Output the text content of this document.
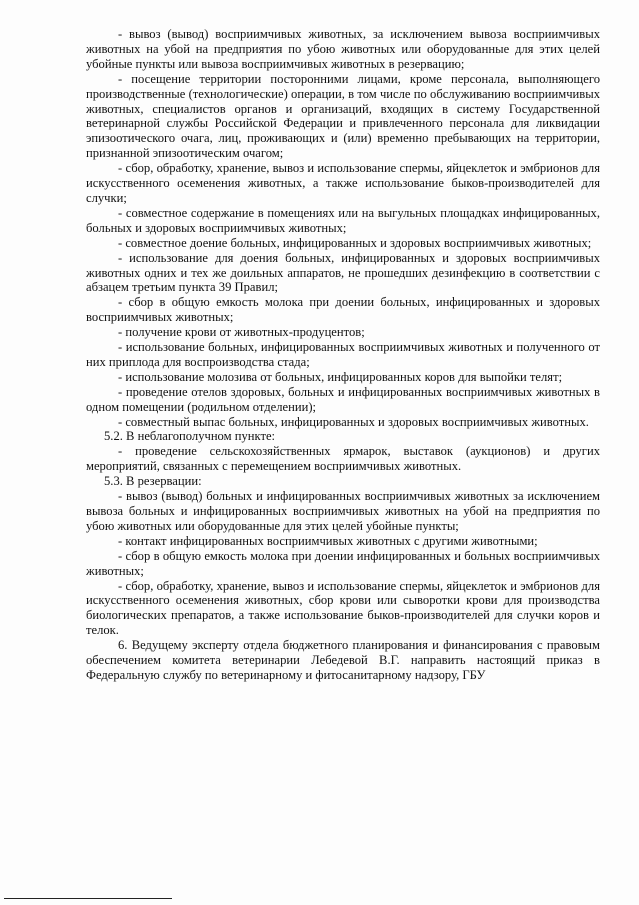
- вывоз (вывод) восприимчивых животных, за исключением вывоза восприимчивых животных на убой на предприятия по убою животных или оборудованные для этих целей убойные пункты или вывоза восприимчивых животных в резервацию;

- посещение территории посторонними лицами, кроме персонала, выполняющего производственные (технологические) операции, в том числе по обслуживанию восприимчивых животных, специалистов органов и организаций, входящих в систему Государственной ветеринарной службы Российской Федерации и привлеченного персонала для ликвидации эпизоотического очага, лиц, проживающих и (или) временно пребывающих на территории, признанной эпизоотическим очагом;

- сбор, обработку, хранение, вывоз и использование спермы, яйцеклеток и эмбрионов для искусственного осеменения животных, а также использование быков-производителей для случки;

- совместное содержание в помещениях или на выгульных площадках инфицированных, больных и здоровых восприимчивых животных;

- совместное доение больных, инфицированных и здоровых восприимчивых животных;

- использование для доения больных, инфицированных и здоровых восприимчивых животных одних и тех же доильных аппаратов, не прошедших дезинфекцию в соответствии с абзацем третьим пункта 39 Правил;

- сбор в общую емкость молока при доении больных, инфицированных и здоровых восприимчивых животных;

- получение крови от животных-продуцентов;

- использование больных, инфицированных восприимчивых животных и полученного от них приплода для воспроизводства стада;

- использование молозива от больных, инфицированных коров для выпойки телят;

- проведение отелов здоровых, больных и инфицированных восприимчивых животных в одном помещении (родильном отделении);

- совместный выпас больных, инфицированных и здоровых восприимчивых животных.

5.2. В неблагополучном пункте:

- проведение сельскохозяйственных ярмарок, выставок (аукционов) и других мероприятий, связанных с перемещением восприимчивых животных.

5.3. В резервации:

- вывоз (вывод) больных и инфицированных восприимчивых животных за исключением вывоза больных и инфицированных восприимчивых животных на убой на предприятия по убою животных или оборудованные для этих целей убойные пункты;

- контакт инфицированных восприимчивых животных с другими животными;

- сбор в общую емкость молока при доении инфицированных и больных восприимчивых животных;

- сбор, обработку, хранение, вывоз и использование спермы, яйцеклеток и эмбрионов для искусственного осеменения животных, сбор крови или сыворотки крови для производства биологических препаратов, а также использование быков-производителей для случки коров и телок.

6. Ведущему эксперту отдела бюджетного планирования и финансирования с правовым обеспечением комитета ветеринарии Лебедевой В.Г. направить настоящий приказ в Федеральную службу по ветеринарному и фитосанитарному надзору, ГБУ
